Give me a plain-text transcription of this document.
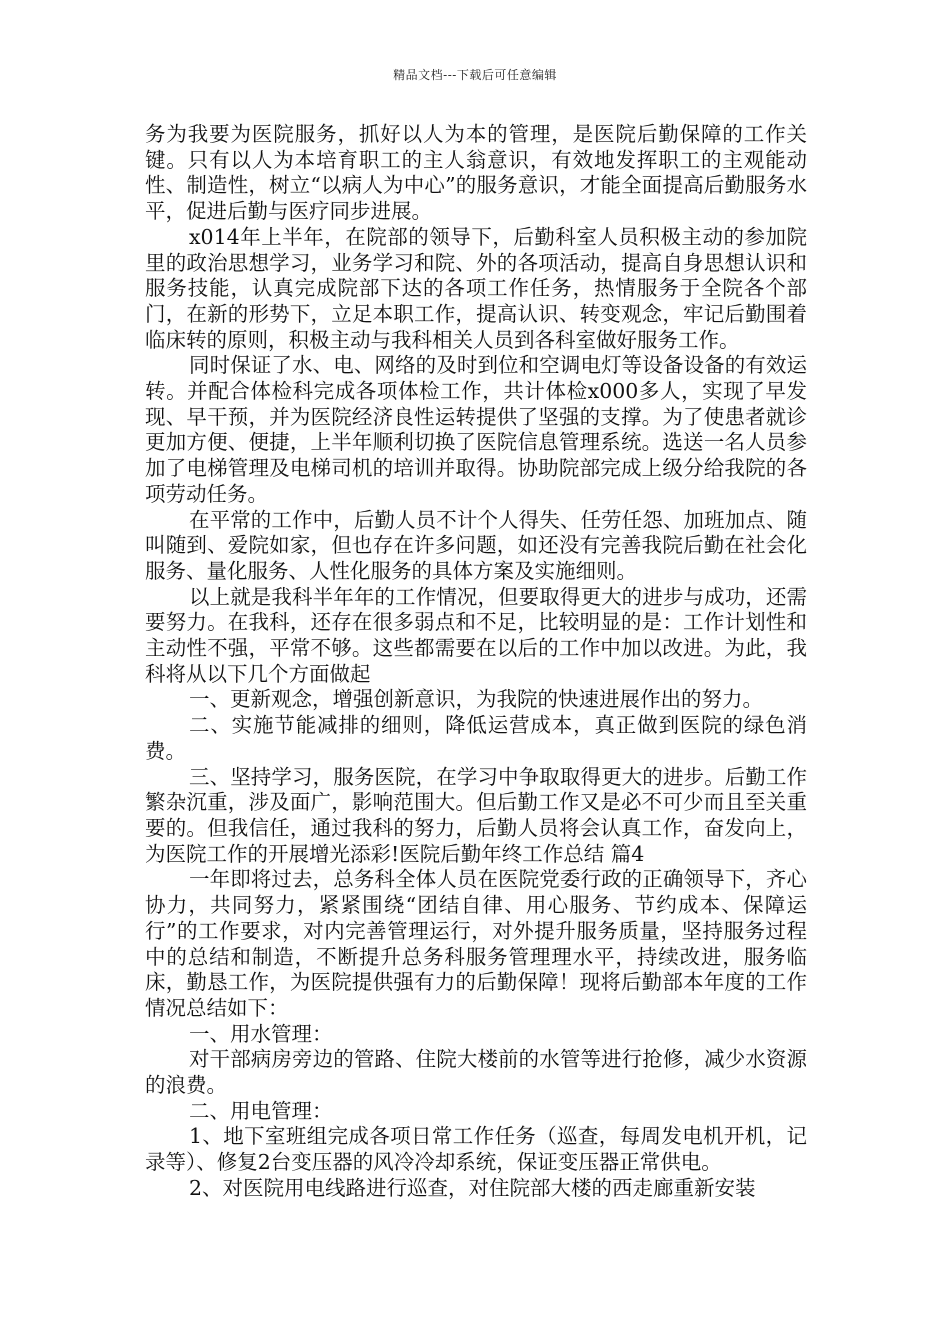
精品文档---下载后可任意编辑

务为我要为医院服务，抓好以人为本的管理，是医院后勤保障的工作关键。只有以人为本培育职工的主人翁意识，有效地发挥职工的主观能动性、制造性，树立“以病人为中心”的服务意识，才能全面提高后勤服务水平，促进后勤与医疗同步进展。

x014年上半年，在院部的领导下，后勤科室人员积极主动的参加院里的政治思想学习，业务学习和院、外的各项活动，提高自身思想认识和服务技能，认真完成院部下达的各项工作任务，热情服务于全院各个部门，在新的形势下，立足本职工作，提高认识、转变观念，牢记后勤围着临床转的原则，积极主动与我科相关人员到各科室做好服务工作。

同时保证了水、电、网络的及时到位和空调电灯等设备设备的有效运转。并配合体检科完成各项体检工作，共计体检x000多人，实现了早发现、早干预，并为医院经济良性运转提供了坚强的支撑。为了使患者就诊更加方便、便捷，上半年顺利切换了医院信息管理系统。选送一名人员参加了电梯管理及电梯司机的培训并取得。协助院部完成上级分给我院的各项劳动任务。

在平常的工作中，后勤人员不计个人得失、任劳任怨、加班加点、随叫随到、爱院如家，但也存在许多问题，如还没有完善我院后勤在社会化服务、量化服务、人性化服务的具体方案及实施细则。

以上就是我科半年年的工作情况，但要取得更大的进步与成功，还需要努力。在我科，还存在很多弱点和不足，比较明显的是：工作计划性和主动性不强，平常不够。这些都需要在以后的工作中加以改进。为此，我科将从以下几个方面做起

一、更新观念，增强创新意识，为我院的快速进展作出的努力。

二、实施节能减排的细则，降低运营成本，真正做到医院的绿色消费。

三、坚持学习，服务医院，在学习中争取取得更大的进步。后勤工作繁杂沉重，涉及面广，影响范围大。但后勤工作又是必不可少而且至关重要的。但我信任，通过我科的努力，后勤人员将会认真工作，奋发向上，为医院工作的开展增光添彩!医院后勤年终工作总结 篇4

一年即将过去，总务科全体人员在医院党委行政的正确领导下，齐心协力，共同努力，紧紧围绕“团结自律、用心服务、节约成本、保障运行”的工作要求，对内完善管理运行，对外提升服务质量，坚持服务过程中的总结和制造，不断提升总务科服务管理理水平，持续改进，服务临床，勤恳工作，为医院提供强有力的后勤保障！现将后勤部本年度的工作情况总结如下：

一、用水管理：

对干部病房旁边的管路、住院大楼前的水管等进行抢修，减少水资源的浪费。

二、用电管理：

1、地下室班组完成各项日常工作任务（巡查，每周发电机开机，记录等）、修复2台变压器的风冷冷却系统，保证变压器正常供电。

2、对医院用电线路进行巡查，对住院部大楼的西走廊重新安装
